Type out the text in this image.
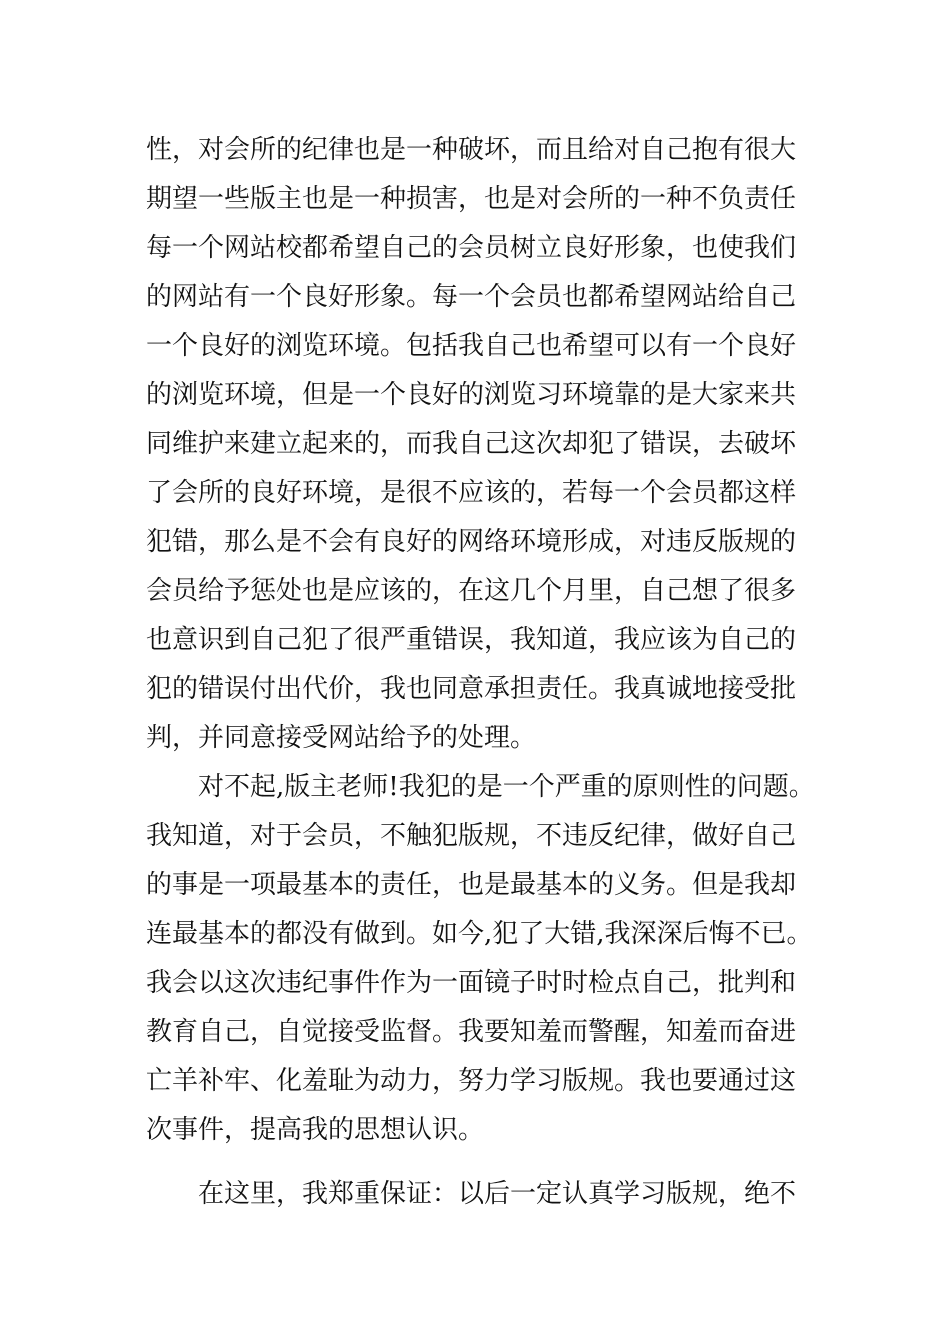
性，对会所的纪律也是一种破坏，而且给对自己抱有很大
期望一些版主也是一种损害，也是对会所的一种不负责任
每一个网站校都希望自己的会员树立良好形象，也使我们
的网站有一个良好形象。每一个会员也都希望网站给自己
一个良好的浏览环境。包括我自己也希望可以有一个良好
的浏览环境，但是一个良好的浏览习环境靠的是大家来共
同维护来建立起来的，而我自己这次却犯了错误，去破坏
了会所的良好环境，是很不应该的，若每一个会员都这样
犯错，那么是不会有良好的网络环境形成，对违反版规的
会员给予惩处也是应该的，在这几个月里，自己想了很多
也意识到自己犯了很严重错误，我知道，我应该为自己的
犯的错误付出代价，我也同意承担责任。我真诚地接受批
判，并同意接受网站给予的处理。
对不起,版主老师!我犯的是一个严重的原则性的问题。
我知道，对于会员，不触犯版规，不违反纪律，做好自己
的事是一项最基本的责任，也是最基本的义务。但是我却
连最基本的都没有做到。如今,犯了大错,我深深后悔不已。
我会以这次违纪事件作为一面镜子时时检点自己，批判和
教育自己，自觉接受监督。我要知羞而警醒，知羞而奋进
亡羊补牢、化羞耻为动力，努力学习版规。我也要通过这
次事件，提高我的思想认识。
在这里，我郑重保证：以后一定认真学习版规，绝不
